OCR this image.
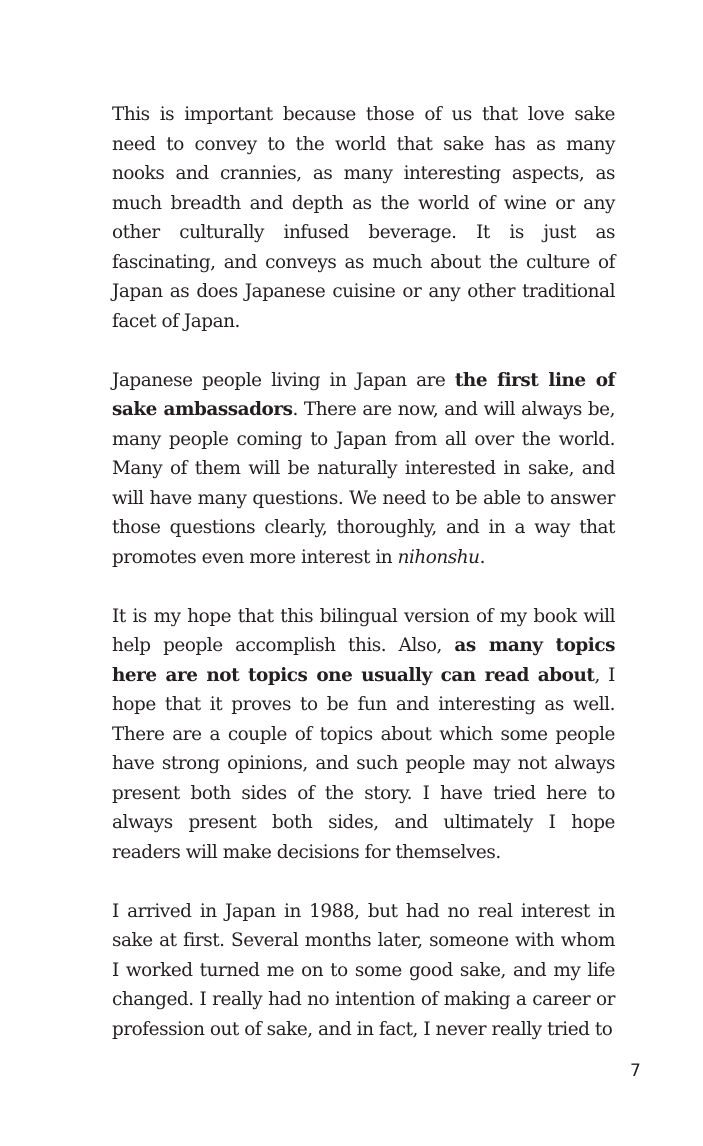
This is important because those of us that love sake need to convey to the world that sake has as many nooks and crannies, as many interesting aspects, as much breadth and depth as the world of wine or any other culturally infused beverage. It is just as fascinating, and conveys as much about the culture of Japan as does Japanese cuisine or any other traditional facet of Japan.

Japanese people living in Japan are the first line of sake ambassadors. There are now, and will always be, many people coming to Japan from all over the world. Many of them will be naturally interested in sake, and will have many questions. We need to be able to answer those questions clearly, thoroughly, and in a way that promotes even more interest in nihonshu.

It is my hope that this bilingual version of my book will help people accomplish this. Also, as many topics here are not topics one usually can read about, I hope that it proves to be fun and interesting as well. There are a couple of topics about which some people have strong opinions, and such people may not always present both sides of the story. I have tried here to always present both sides, and ultimately I hope readers will make decisions for themselves.

I arrived in Japan in 1988, but had no real interest in sake at first. Several months later, someone with whom I worked turned me on to some good sake, and my life changed. I really had no intention of making a career or profession out of sake, and in fact, I never really tried to

7
